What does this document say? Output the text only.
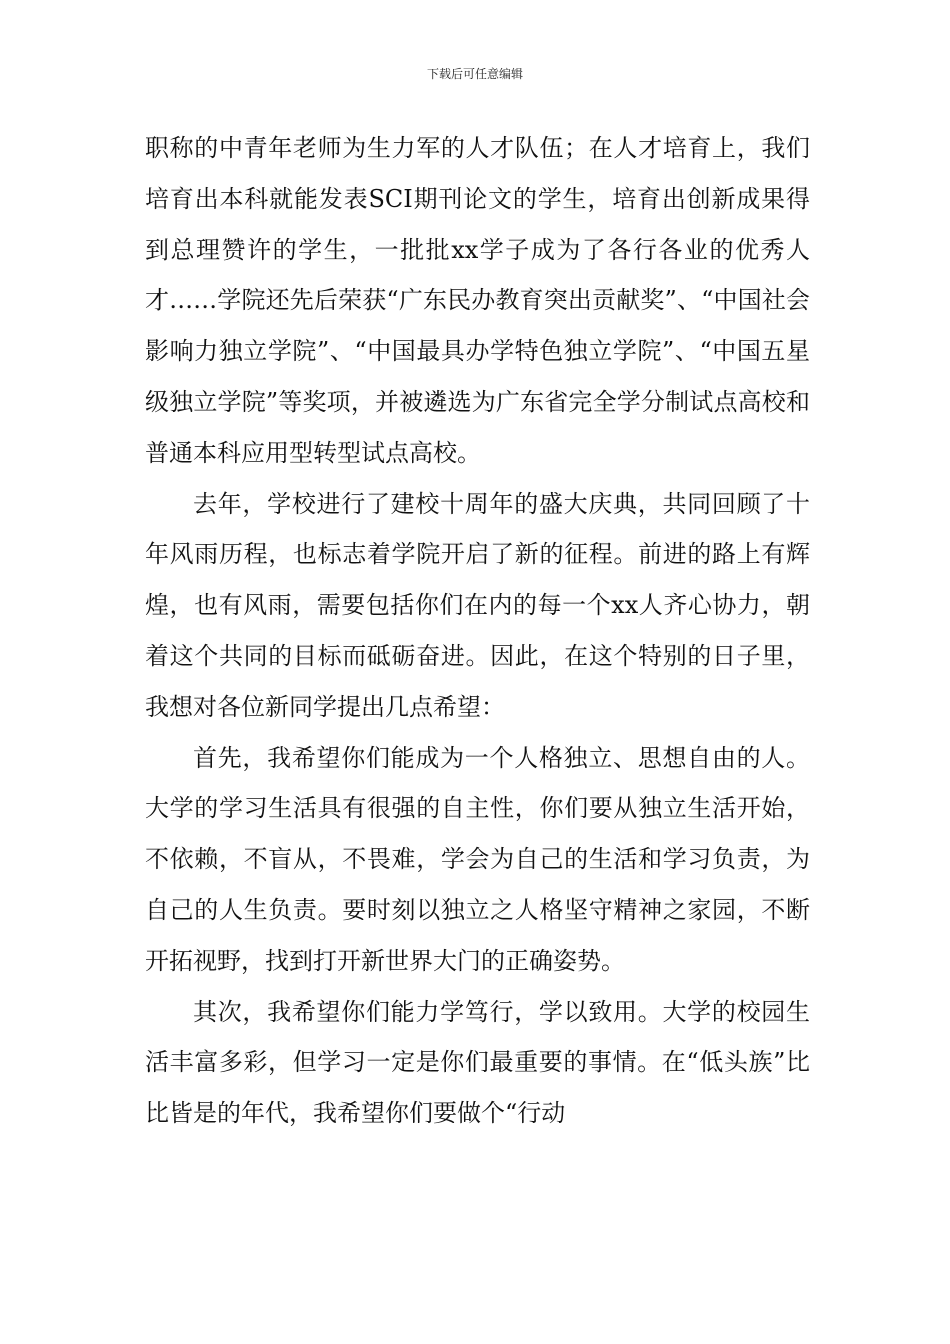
下载后可任意编辑

职称的中青年老师为生力军的人才队伍；在人才培育上，我们培育出本科就能发表SCI期刊论文的学生，培育出创新成果得到总理赞许的学生，一批批xx学子成为了各行各业的优秀人才……学院还先后荣获“广东民办教育突出贡献奖”、“中国社会影响力独立学院”、“中国最具办学特色独立学院”、“中国五星级独立学院”等奖项，并被遴选为广东省完全学分制试点高校和普通本科应用型转型试点高校。

去年，学校进行了建校十周年的盛大庆典，共同回顾了十年风雨历程，也标志着学院开启了新的征程。前进的路上有辉煌，也有风雨，需要包括你们在内的每一个xx人齐心协力，朝着这个共同的目标而砥砺奋进。因此，在这个特别的日子里，我想对各位新同学提出几点希望：

首先，我希望你们能成为一个人格独立、思想自由的人。大学的学习生活具有很强的自主性，你们要从独立生活开始，不依赖，不盲从，不畏难，学会为自己的生活和学习负责，为自己的人生负责。要时刻以独立之人格坚守精神之家园，不断开拓视野，找到打开新世界大门的正确姿势。

其次，我希望你们能力学笃行，学以致用。大学的校园生活丰富多彩，但学习一定是你们最重要的事情。在“低头族”比比皆是的年代，我希望你们要做个“行动
